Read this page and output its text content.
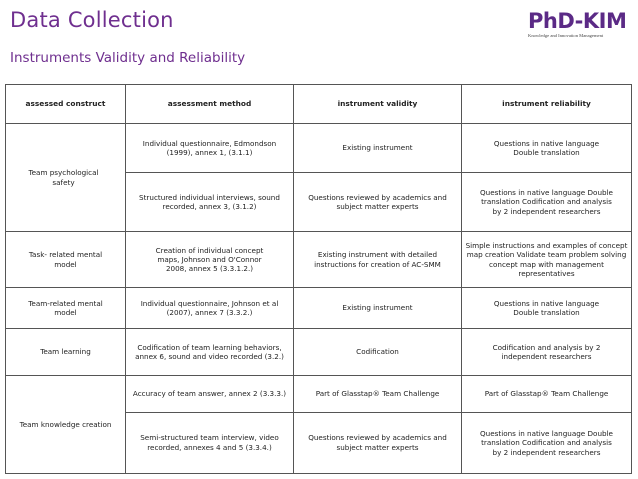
Data Collection
Instruments Validity and Reliability
PhD-KIM
Knowledge and Innovation Management
assessed construct	assessment method	instrument validity	instrument reliability
Team psychological safety	Individual questionnaire, Edmondson (1999), annex 1, (3.1.1)	Existing instrument	Questions in native language Double translation
	Structured individual interviews, sound recorded, annex 3, (3.1.2)	Questions reviewed by academics and subject matter experts	Questions in native language Double translation Codification and analysis by 2 independent researchers
Task- related mental model	Creation of individual concept maps, Johnson and O'Connor 2008, annex 5 (3.3.1.2.)	Existing instrument with detailed instructions for creation of AC-SMM	Simple instructions and examples of concept map creation Validate team problem solving concept map with management representatives
Team-related mental model	Individual questionnaire, Johnson et al (2007), annex 7 (3.3.2.)	Existing instrument	Questions in native language Double translation
Team learning	Codification of team learning behaviors, annex 6, sound and video recorded (3.2.)	Codification	Codification and analysis by 2 independent researchers
Team knowledge creation	Accuracy of team answer, annex 2 (3.3.3.)	Part of Glasstap® Team Challenge	Part of Glasstap® Team Challenge
	Semi-structured team interview, video recorded, annexes 4 and 5 (3.3.4.)	Questions reviewed by academics and subject matter experts	Questions in native language Double translation Codification and analysis by 2 independent researchers
